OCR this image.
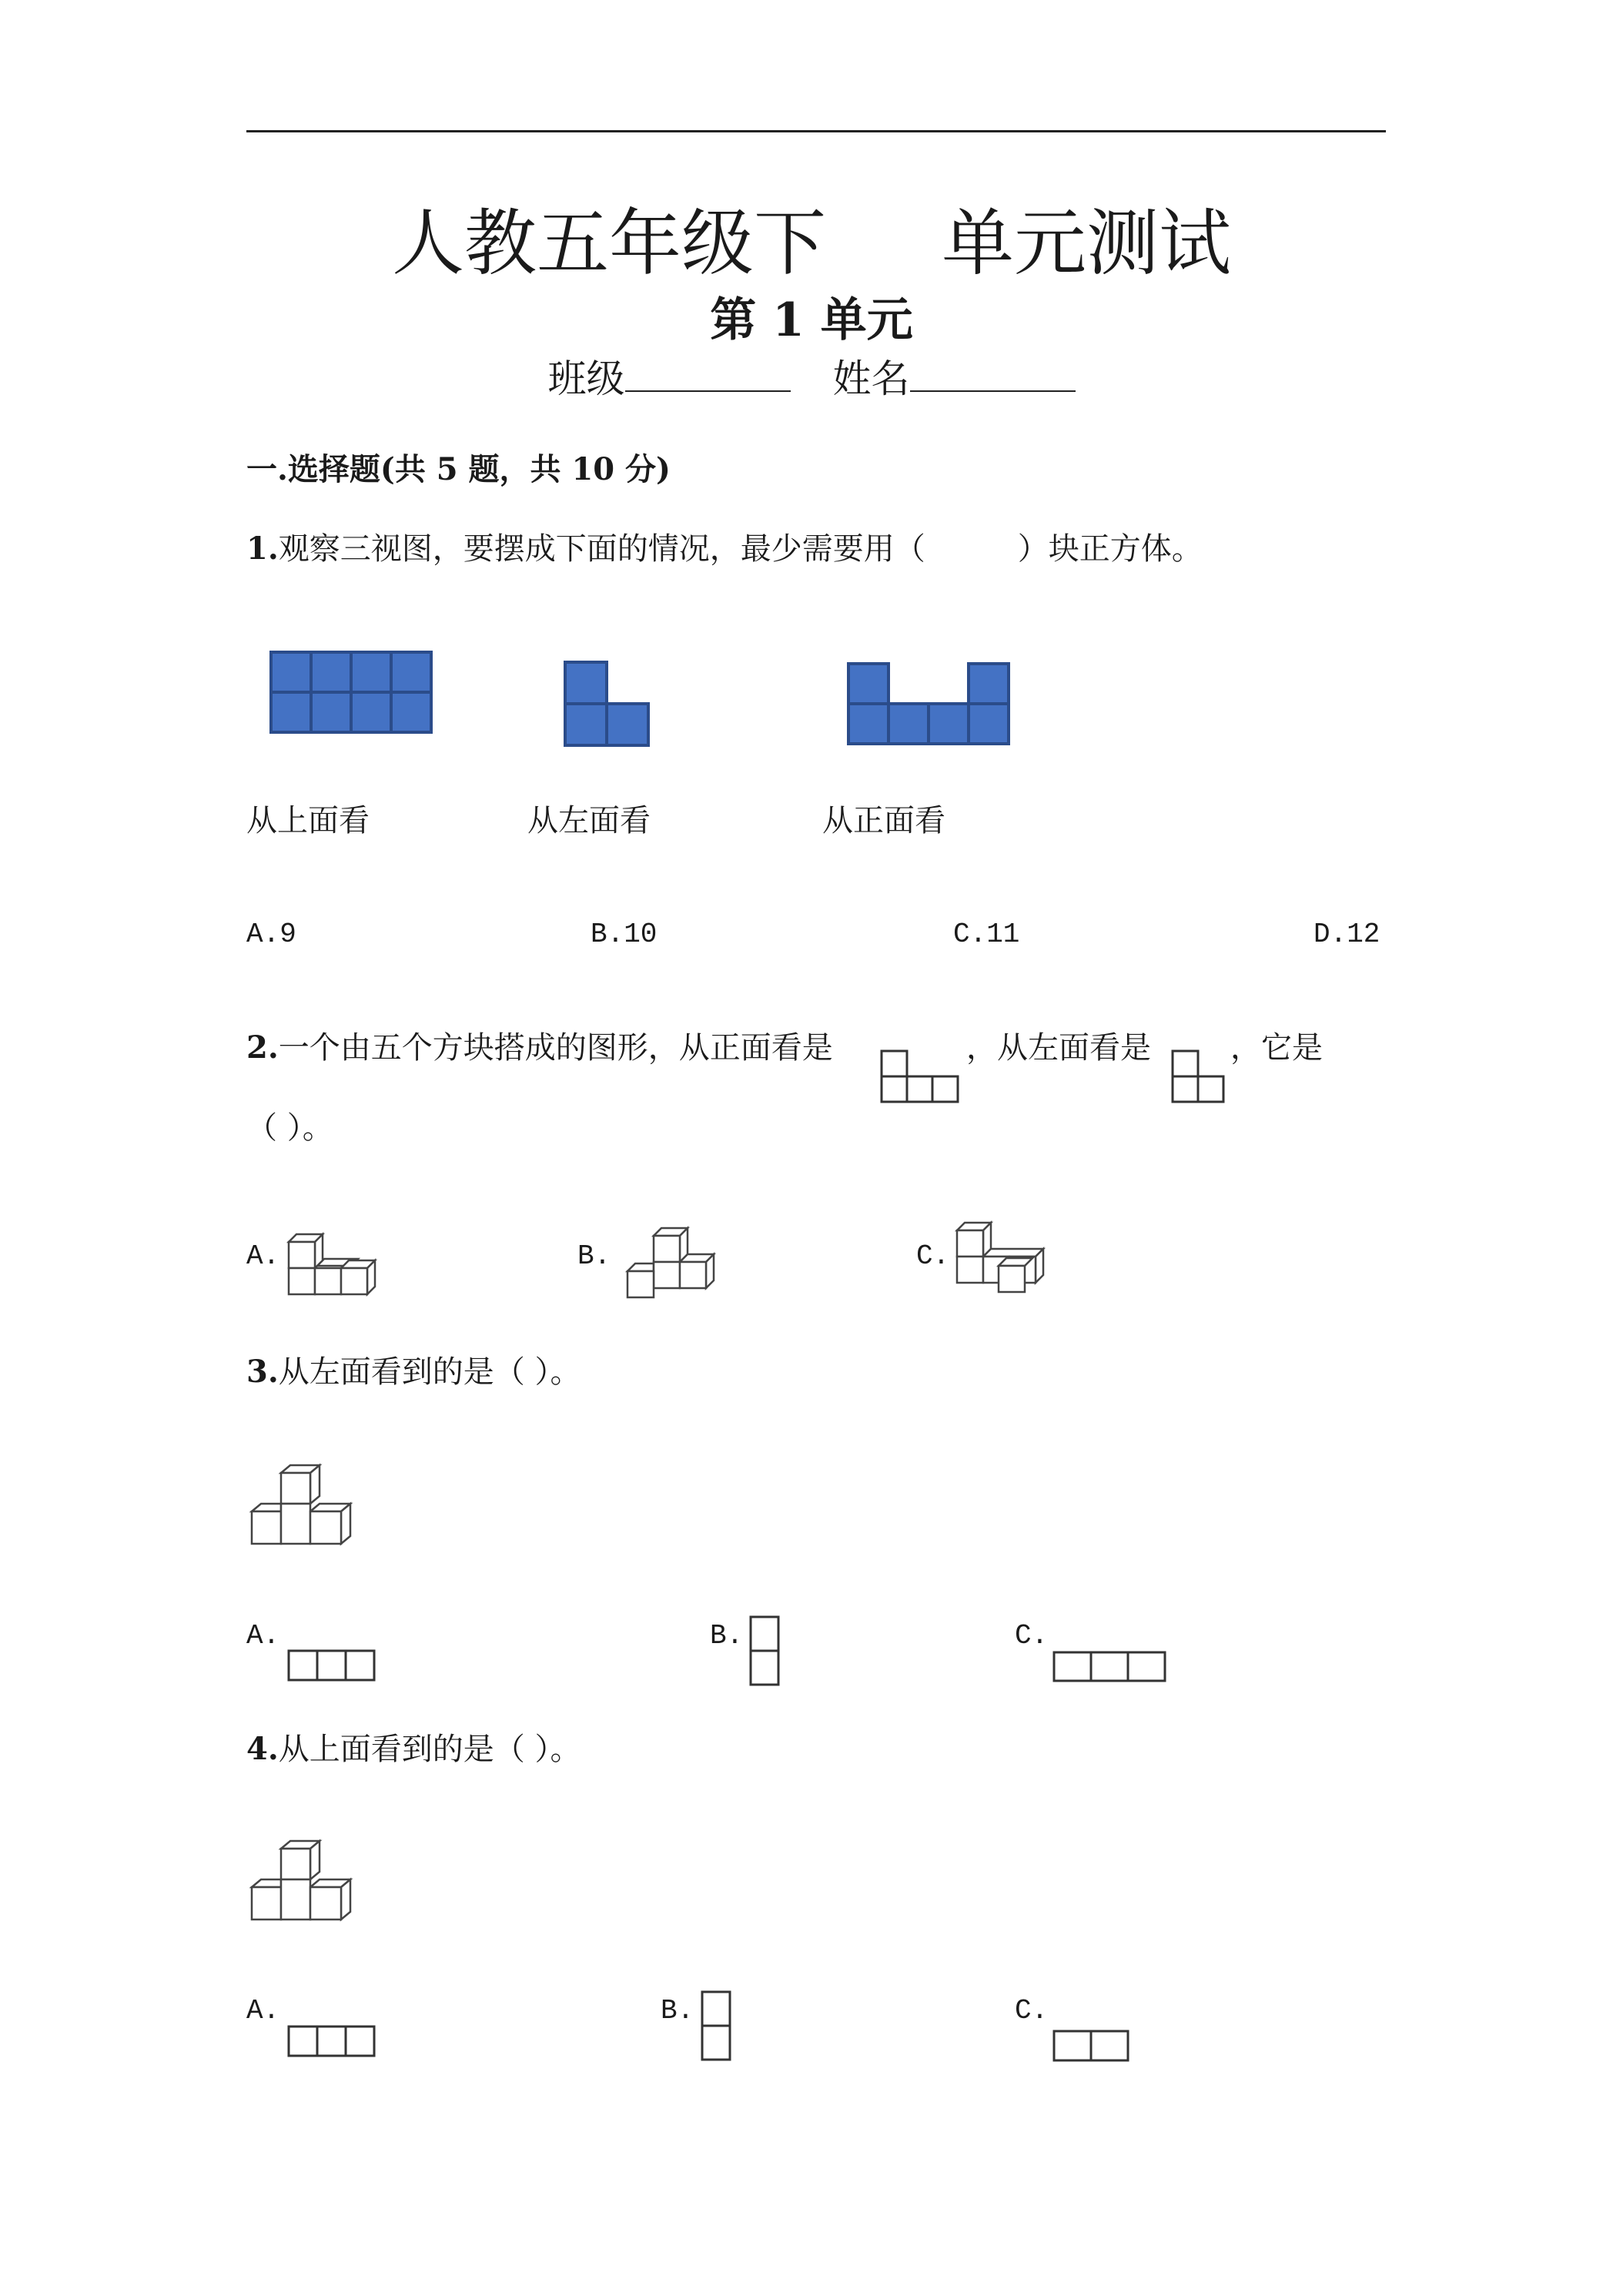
人教五年级下 单元测试
第 1 单元
班级	姓名
一.选择题(共 5 题，共 10 分)
1.观察三视图，要摆成下面的情况，最少需要用（	）块正方体。
从上面看	从左面看	从正面看
A.9	B.10	C.11	D.12
2.一个由五个方块搭成的图形，从正面看是	，从左面看是	，它是
（ ）。
A.	B.	C.
3.从左面看到的是（ ）。
A.	B.	C.
4.从上面看到的是（ ）。
A.	B.	C.
